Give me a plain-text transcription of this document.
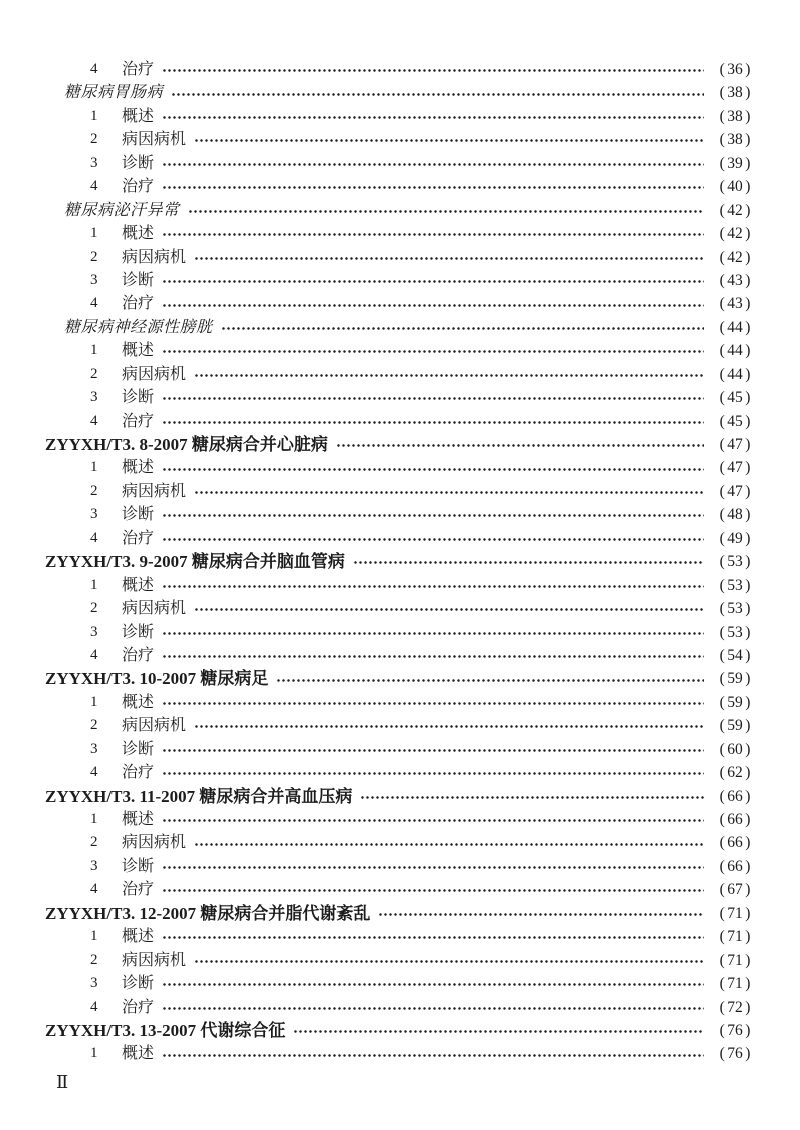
4	治疗	( 36 )
糖尿病胃肠病	( 38 )
1	概述	( 38 )
2	病因病机	( 38 )
3	诊断	( 39 )
4	治疗	( 40 )
糖尿病泌汗异常	( 42 )
1	概述	( 42 )
2	病因病机	( 42 )
3	诊断	( 43 )
4	治疗	( 43 )
糖尿病神经源性膀胱	( 44 )
1	概述	( 44 )
2	病因病机	( 44 )
3	诊断	( 45 )
4	治疗	( 45 )
ZYYXH/T3. 8-2007 糖尿病合并心脏病	( 47 )
1	概述	( 47 )
2	病因病机	( 47 )
3	诊断	( 48 )
4	治疗	( 49 )
ZYYXH/T3. 9-2007 糖尿病合并脑血管病	( 53 )
1	概述	( 53 )
2	病因病机	( 53 )
3	诊断	( 53 )
4	治疗	( 54 )
ZYYXH/T3. 10-2007 糖尿病足	( 59 )
1	概述	( 59 )
2	病因病机	( 59 )
3	诊断	( 60 )
4	治疗	( 62 )
ZYYXH/T3. 11-2007 糖尿病合并高血压病	( 66 )
1	概述	( 66 )
2	病因病机	( 66 )
3	诊断	( 66 )
4	治疗	( 67 )
ZYYXH/T3. 12-2007 糖尿病合并脂代谢紊乱	( 71 )
1	概述	( 71 )
2	病因病机	( 71 )
3	诊断	( 71 )
4	治疗	( 72 )
ZYYXH/T3. 13-2007 代谢综合征	( 76 )
1	概述	( 76 )
Ⅱ
